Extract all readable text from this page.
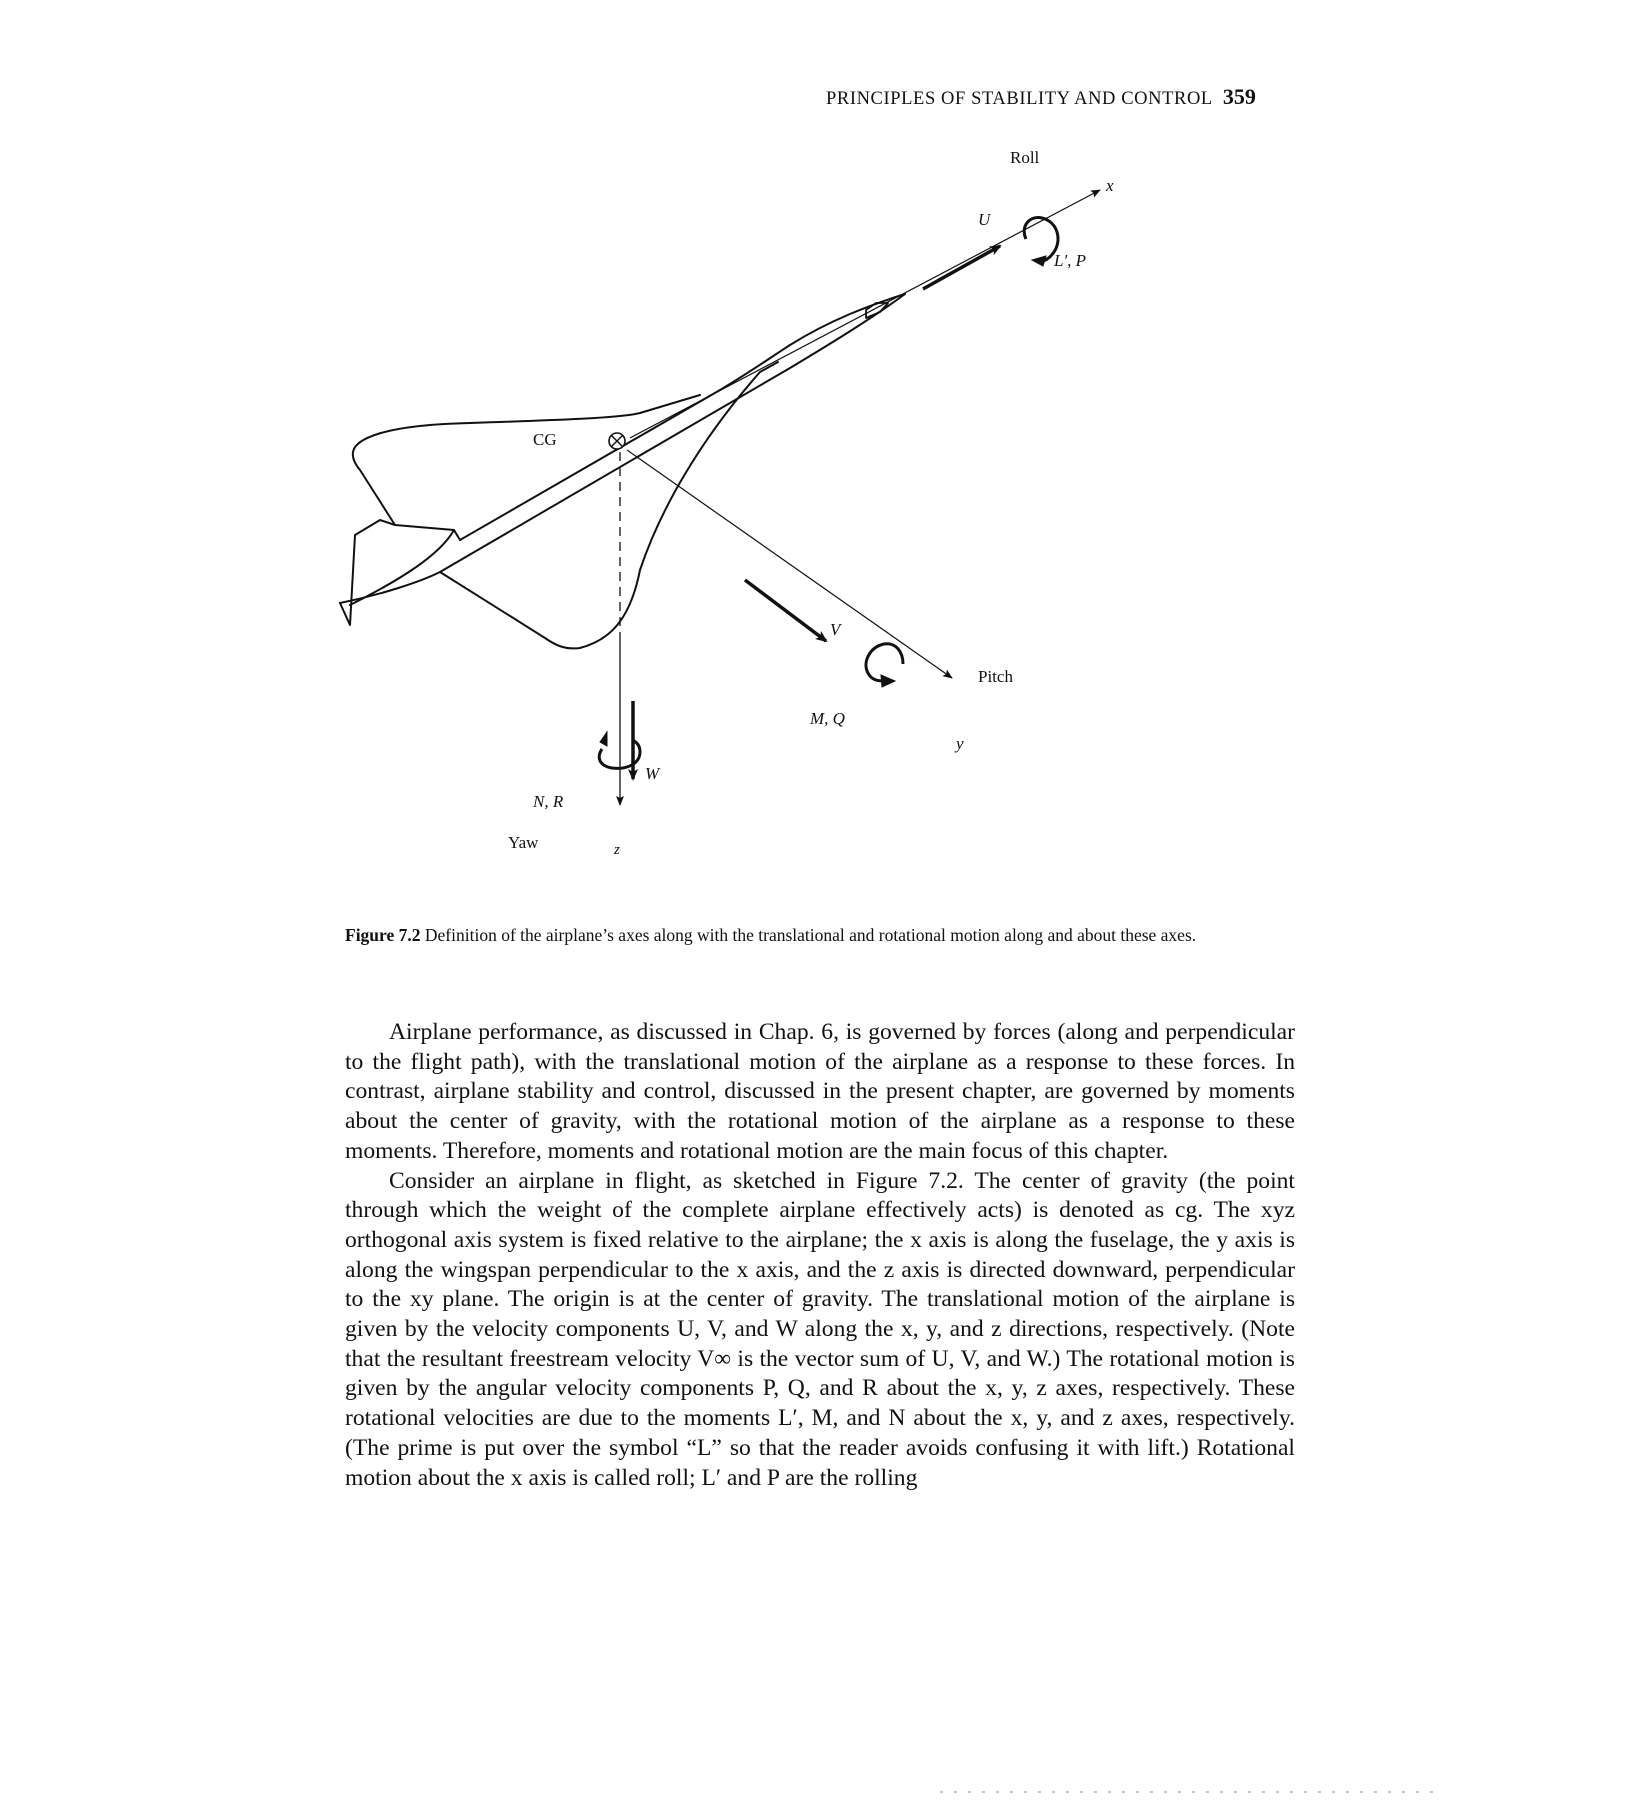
PRINCIPLES OF STABILITY AND CONTROL 359
Roll
x
U
L′, P
CG
V
Pitch
M, Q
y
W
N, R
Yaw	z
Figure 7.2 Definition of the airplane’s axes along with the translational and rotational motion along and about these axes.

Airplane performance, as discussed in Chap. 6, is governed by forces (along and perpendicular to the flight path), with the translational motion of the airplane as a response to these forces. In contrast, airplane stability and control, discussed in the present chapter, are governed by moments about the center of gravity, with the rotational motion of the airplane as a response to these moments. Therefore, moments and rotational motion are the main focus of this chapter.

Consider an airplane in flight, as sketched in Figure 7.2. The center of gravity (the point through which the weight of the complete airplane effectively acts) is denoted as cg. The xyz orthogonal axis system is fixed relative to the airplane; the x axis is along the fuselage, the y axis is along the wingspan perpendicular to the x axis, and the z axis is directed downward, perpendicular to the xy plane. The origin is at the center of gravity. The translational motion of the airplane is given by the velocity components U, V, and W along the x, y, and z directions, respectively. (Note that the resultant freestream velocity V∞ is the vector sum of U, V, and W.) The rotational motion is given by the angular velocity components P, Q, and R about the x, y, z axes, respectively. These rotational velocities are due to the moments L′, M, and N about the x, y, and z axes, respectively. (The prime is put over the symbol “L” so that the reader avoids confusing it with lift.) Rotational motion about the x axis is called roll; L′ and P are the rolling
